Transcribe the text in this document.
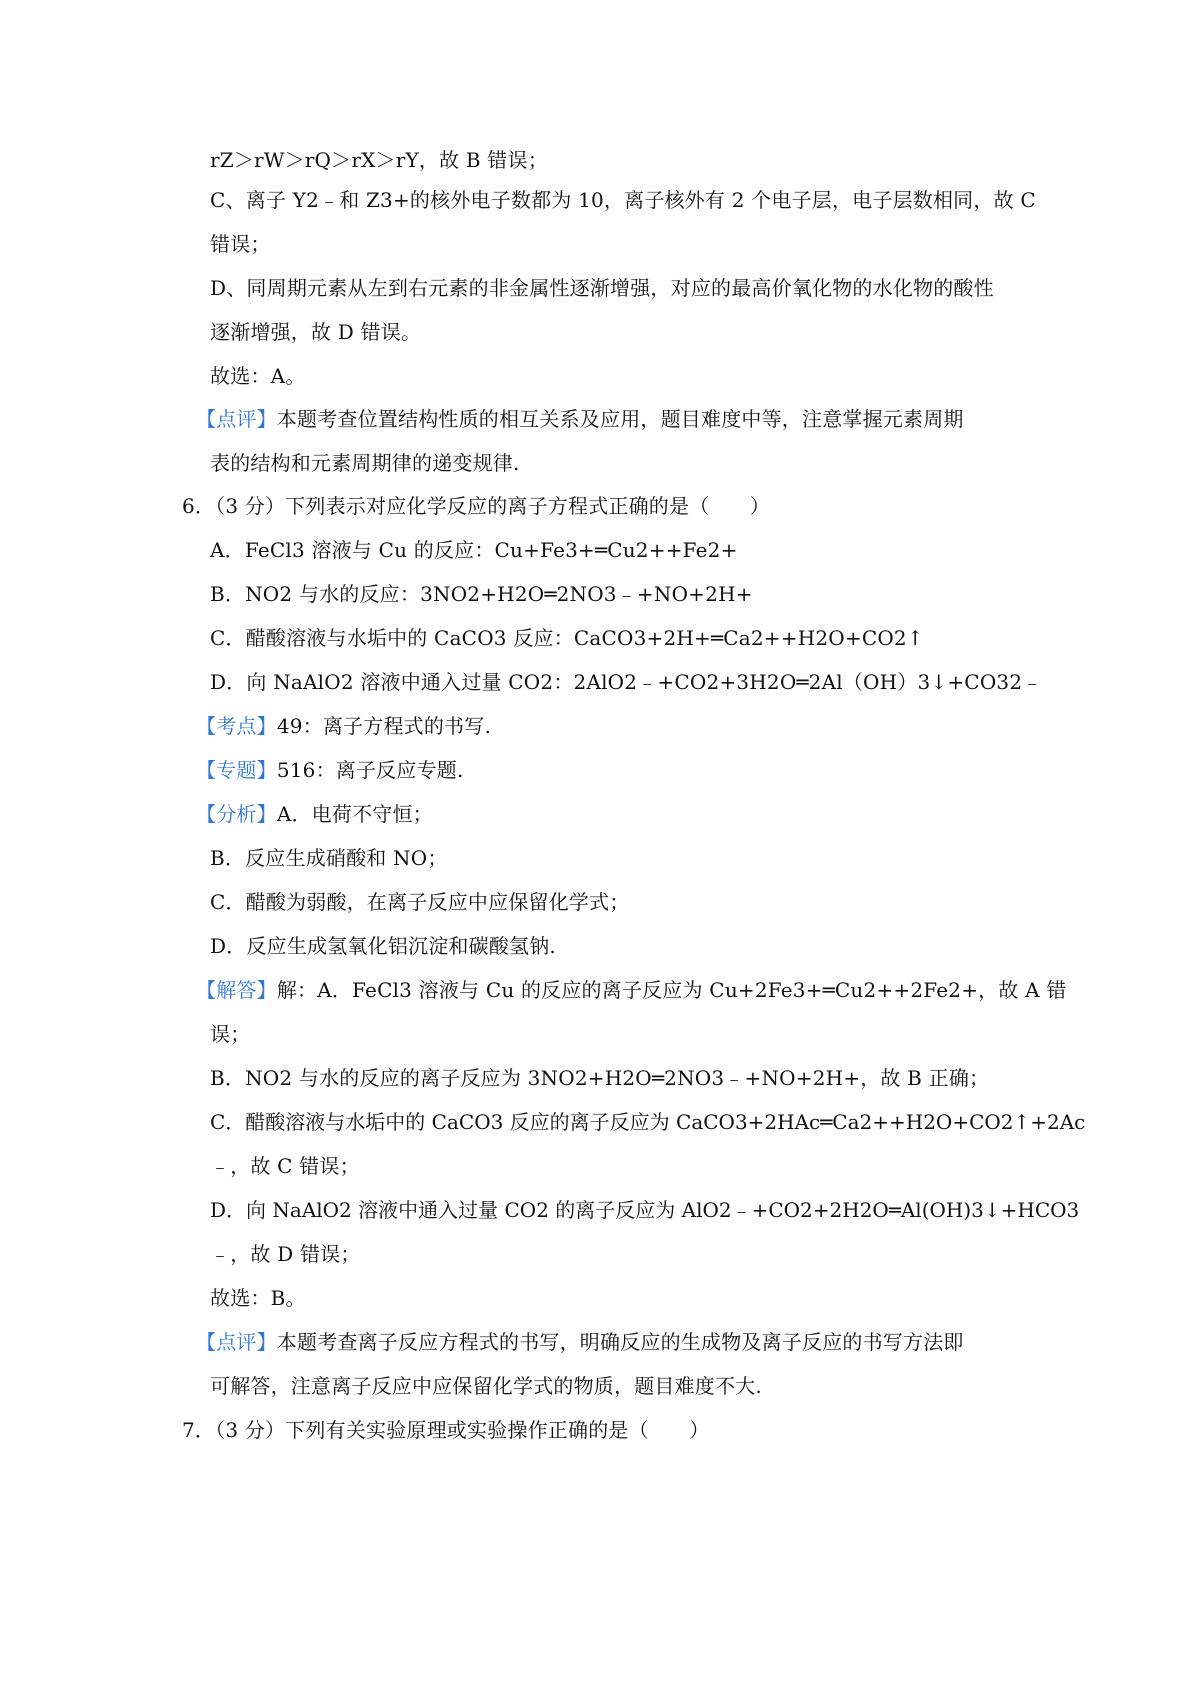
rZ＞rW＞rQ＞rX＞rY，故 B 错误；
C、离子 Y2﹣和 Z3+的核外电子数都为 10，离子核外有 2 个电子层，电子层数相同，故 C
错误；
D、同周期元素从左到右元素的非金属性逐渐增强，对应的最高价氧化物的水化物的酸性
逐渐增强，故 D 错误。
故选：A。
【点评】本题考查位置结构性质的相互关系及应用，题目难度中等，注意掌握元素周期
表的结构和元素周期律的递变规律.
6．（3 分）下列表示对应化学反应的离子方程式正确的是（　　）
A．FeCl3 溶液与 Cu 的反应：Cu+Fe3+═Cu2++Fe2+
B．NO2 与水的反应：3NO2+H2O═2NO3﹣+NO+2H+
C．醋酸溶液与水垢中的 CaCO3 反应：CaCO3+2H+═Ca2++H2O+CO2↑
D．向 NaAlO2 溶液中通入过量 CO2：2AlO2﹣+CO2+3H2O═2Al（OH）3↓+CO32﹣
【考点】49：离子方程式的书写.
【专题】516：离子反应专题.
【分析】A．电荷不守恒；
B．反应生成硝酸和 NO；
C．醋酸为弱酸，在离子反应中应保留化学式；
D．反应生成氢氧化铝沉淀和碳酸氢钠.
【解答】解：A．FeCl3 溶液与 Cu 的反应的离子反应为 Cu+2Fe3+═Cu2++2Fe2+，故 A 错
误；
B．NO2 与水的反应的离子反应为 3NO2+H2O═2NO3﹣+NO+2H+，故 B 正确；
C．醋酸溶液与水垢中的 CaCO3 反应的离子反应为 CaCO3+2HAc═Ca2++H2O+CO2↑+2Ac
﹣，故 C 错误；
D．向 NaAlO2 溶液中通入过量 CO2 的离子反应为 AlO2﹣+CO2+2H2O═Al(OH)3↓+HCO3
﹣，故 D 错误；
故选：B。
【点评】本题考查离子反应方程式的书写，明确反应的生成物及离子反应的书写方法即
可解答，注意离子反应中应保留化学式的物质，题目难度不大.
7．（3 分）下列有关实验原理或实验操作正确的是（　　）
